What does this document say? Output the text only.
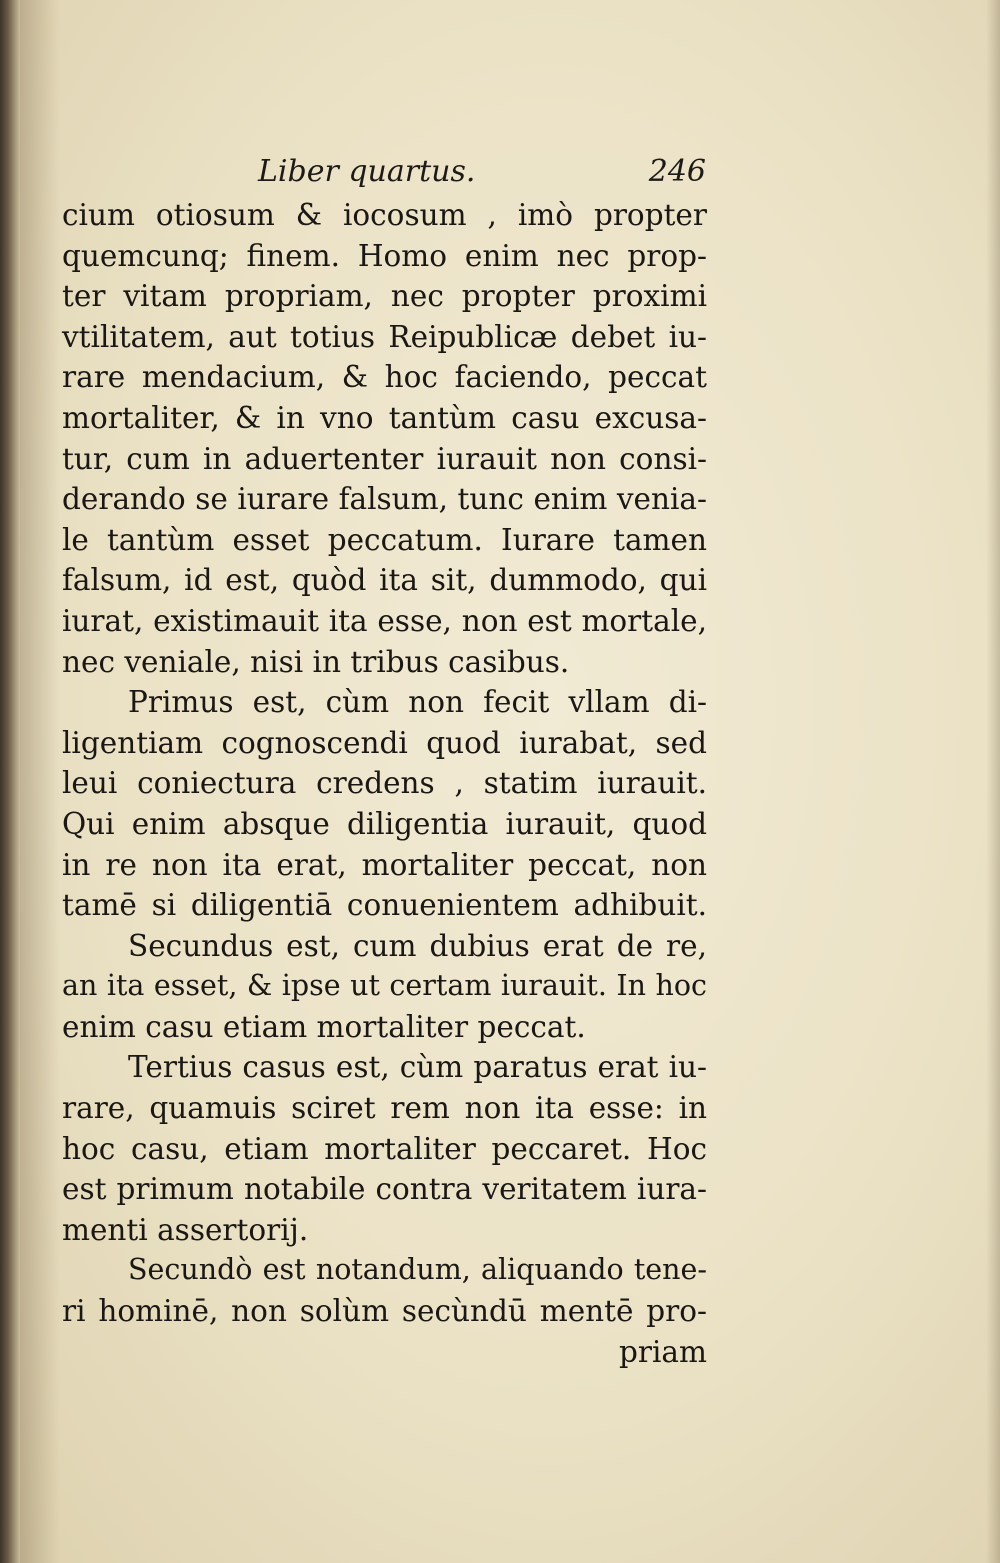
Liber quartus.	246
cium otiosum & iocosum , imò propter
quemcunq; finem. Homo enim nec prop-
ter vitam propriam, nec propter proximi
vtilitatem, aut totius Reipublicæ debet iu-
rare mendacium, & hoc faciendo, peccat
mortaliter, & in vno tantùm casu excusa-
tur, cum in aduertenter iurauit non consi-
derando se iurare falsum, tunc enim venia-
le tantùm esset peccatum. Iurare tamen
falsum, id est, quòd ita sit, dummodo, qui
iurat, existimauit ita esse, non est mortale,
nec veniale, nisi in tribus casibus.
Primus est, cùm non fecit vllam di-
ligentiam cognoscendi quod iurabat, sed
leui coniectura credens , statim iurauit.
Qui enim absque diligentia iurauit, quod
in re non ita erat, mortaliter peccat, non
tamē si diligentiā conuenientem adhibuit.
Secundus est, cum dubius erat de re,
an ita esset, & ipse ut certam iurauit. In hoc
enim casu etiam mortaliter peccat.
Tertius casus est, cùm paratus erat iu-
rare, quamuis sciret rem non ita esse: in
hoc casu, etiam mortaliter peccaret. Hoc
est primum notabile contra veritatem iura-
menti assertorij.
Secundò est notandum, aliquando tene-
ri hominē, non solùm secùndū mentē pro-
priam
